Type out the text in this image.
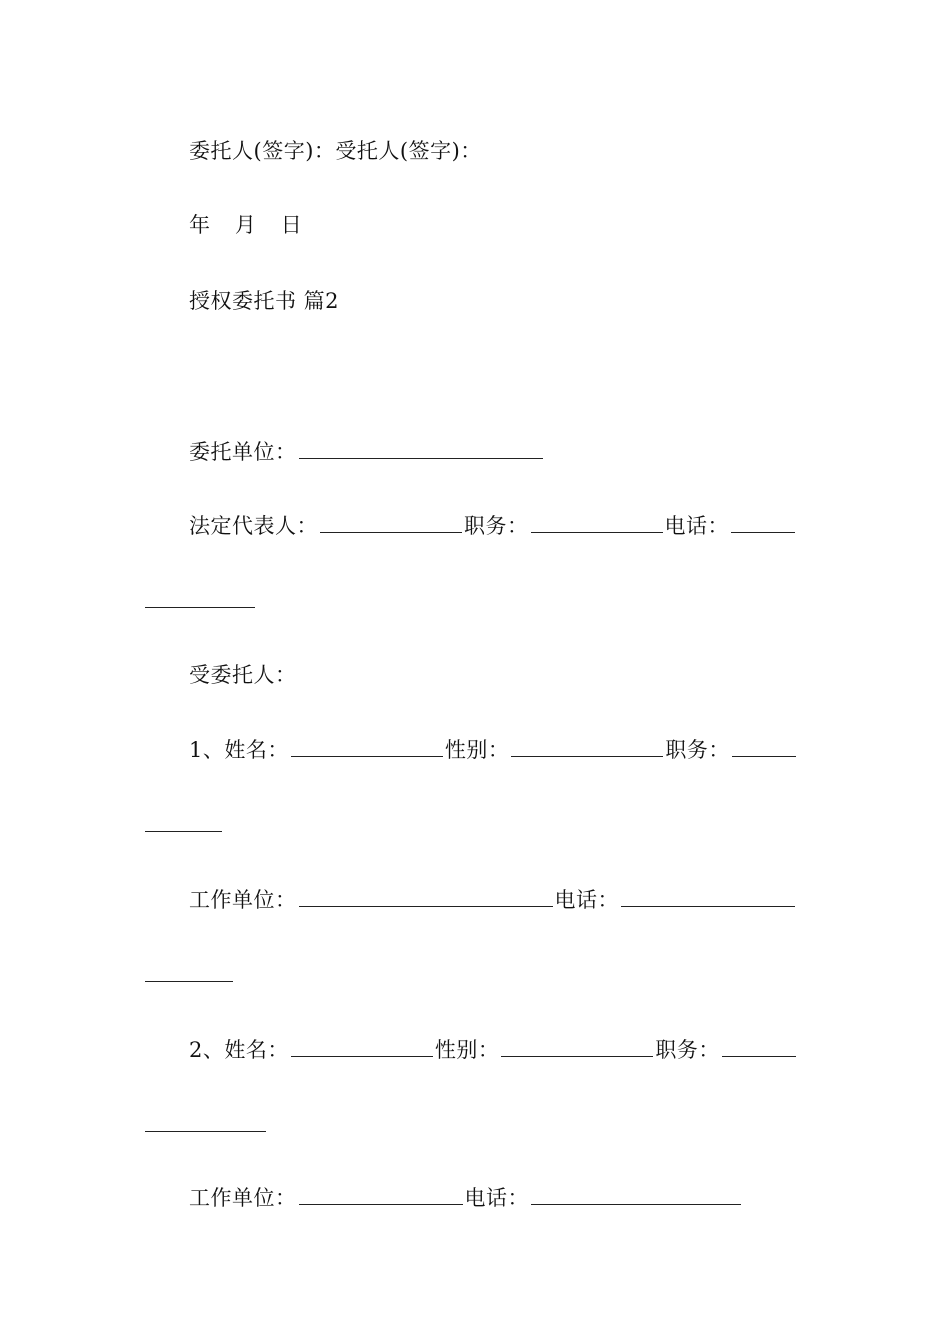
委托人(签字)：受托人(签字)：
年 月 日
授权委托书 篇2
委托单位：
法定代表人：	职务：	电话：
受委托人：
1、姓名：	性别：	职务：
工作单位：	电话：
2、姓名：	性别：	职务：
工作单位：	电话：
